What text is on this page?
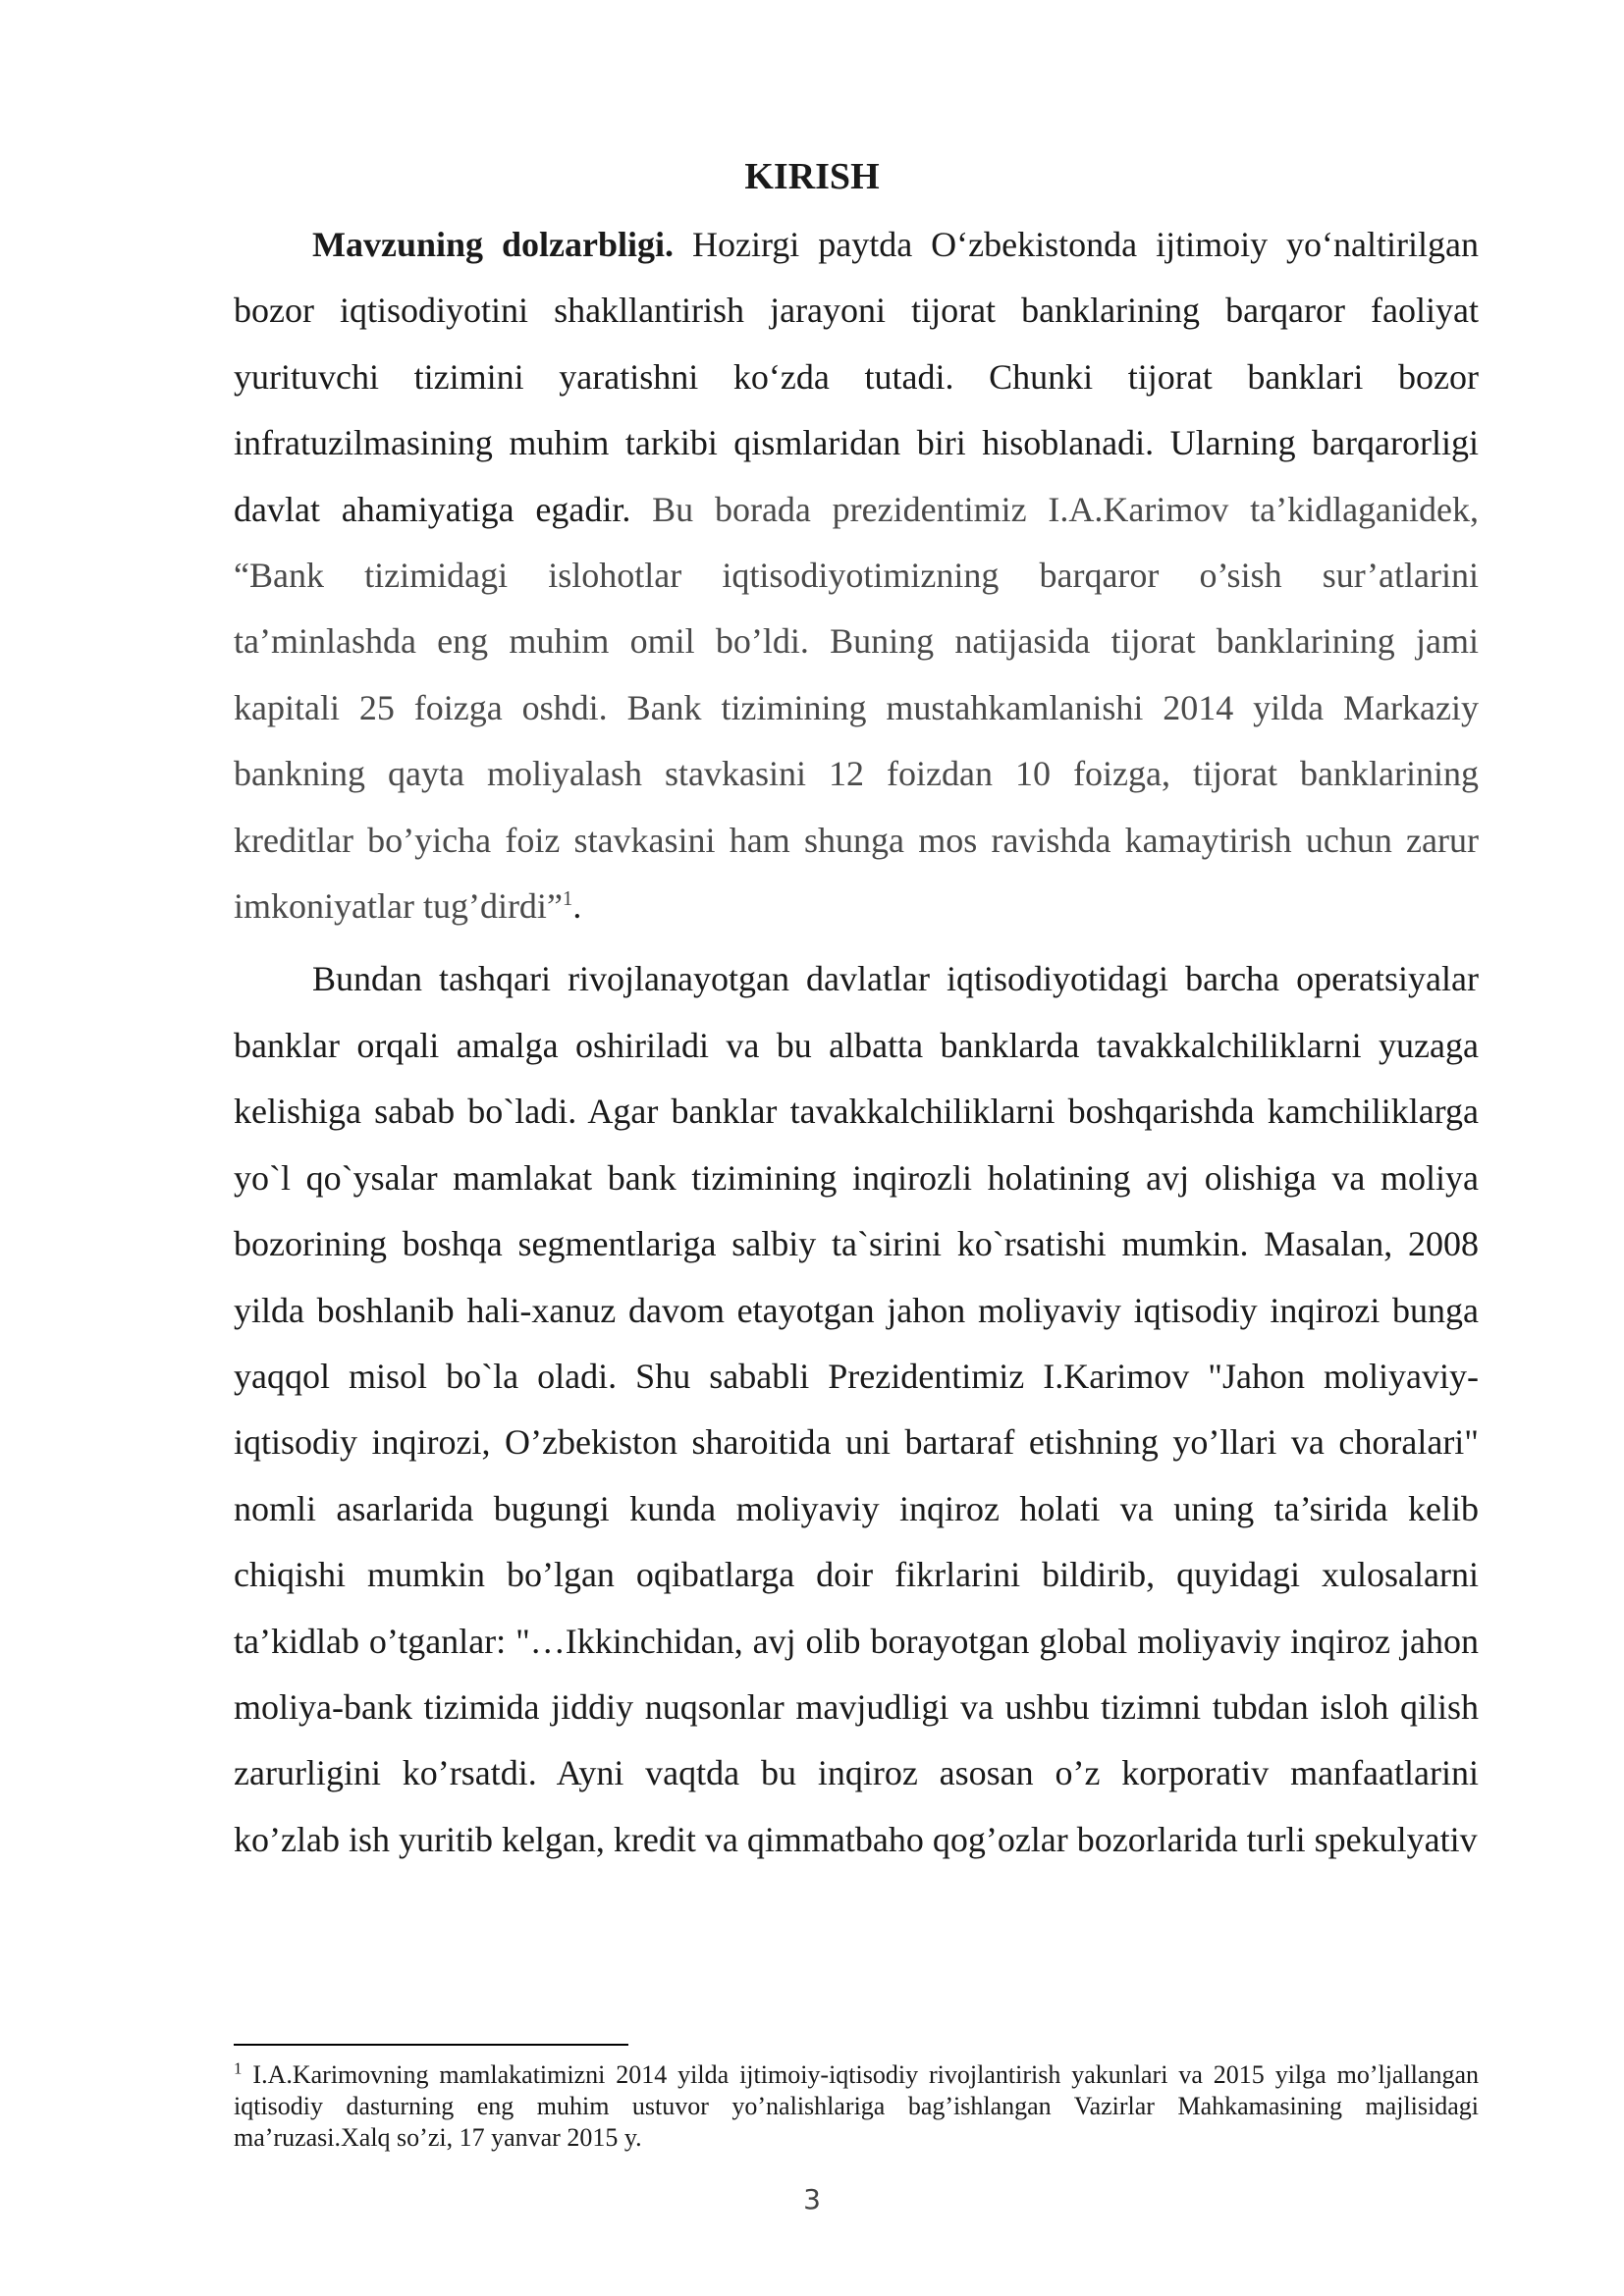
KIRISH

Mavzuning dolzarbligi. Hozirgi paytda O‘zbekistonda ijtimoiy yo‘naltirilgan bozor iqtisodiyotini shakllantirish jarayoni tijorat banklarining barqaror faoliyat yurituvchi tizimini yaratishni ko‘zda tutadi. Chunki tijorat banklari bozor infratuzilmasining muhim tarkibi qismlaridan biri hisoblanadi. Ularning barqarorligi davlat ahamiyatiga egadir. Bu borada prezidentimiz I.A.Karimov ta’kidlaganidek, “Bank tizimidagi islohotlar iqtisodiyotimizning barqaror o’sish sur’atlarini ta’minlashda eng muhim omil bo’ldi. Buning natijasida tijorat banklarining jami kapitali 25 foizga oshdi. Bank tizimining mustahkamlanishi 2014 yilda Markaziy bankning qayta moliyalash stavkasini 12 foizdan 10 foizga, tijorat banklarining kreditlar bo’yicha foiz stavkasini ham shunga mos ravishda kamaytirish uchun zarur imkoniyatlar tug’dirdi”$^1$.

Bundan tashqari rivojlanayotgan davlatlar iqtisodiyotidagi barcha operatsiyalar banklar orqali amalga oshiriladi va bu albatta banklarda tavakkalchiliklarni yuzaga kelishiga sabab bo`ladi. Agar banklar tavakkalchiliklarni boshqarishda kamchiliklarga yo`l qo`ysalar mamlakat bank tizimining inqirozli holatining avj olishiga va moliya bozorining boshqa segmentlariga salbiy ta`sirini ko`rsatishi mumkin. Masalan, 2008 yilda boshlanib hali-xanuz davom etayotgan jahon moliyaviy iqtisodiy inqirozi bunga yaqqol misol bo`la oladi. Shu sababli Prezidentimiz I.Karimov "Jahon moliyaviy-iqtisodiy inqirozi, O’zbekiston sharoitida uni bartaraf etishning yo’llari va choralari" nomli asarlarida bugungi kunda moliyaviy inqiroz holati va uning ta’sirida kelib chiqishi mumkin bo’lgan oqibatlarga doir fikrlarini bildirib, quyidagi xulosalarni ta’kidlab o’tganlar: "…Ikkinchidan, avj olib borayotgan global moliyaviy inqiroz jahon moliya-bank tizimida jiddiy nuqsonlar mavjudligi va ushbu tizimni tubdan isloh qilish zarurligini ko’rsatdi. Ayni vaqtda bu inqiroz asosan o’z korporativ manfaatlarini ko’zlab ish yuritib kelgan, kredit va qimmatbaho qog’ozlar bozorlarida turli spekulyativ

$^1$ I.A.Karimovning mamlakatimizni 2014 yilda ijtimoiy-iqtisodiy rivojlantirish yakunlari va 2015 yilga mo’ljallangan iqtisodiy dasturning eng muhim ustuvor yo’nalishlariga bag’ishlangan Vazirlar Mahkamasining majlisidagi ma’ruzasi.Xalq so’zi, 17 yanvar 2015 y.

3
